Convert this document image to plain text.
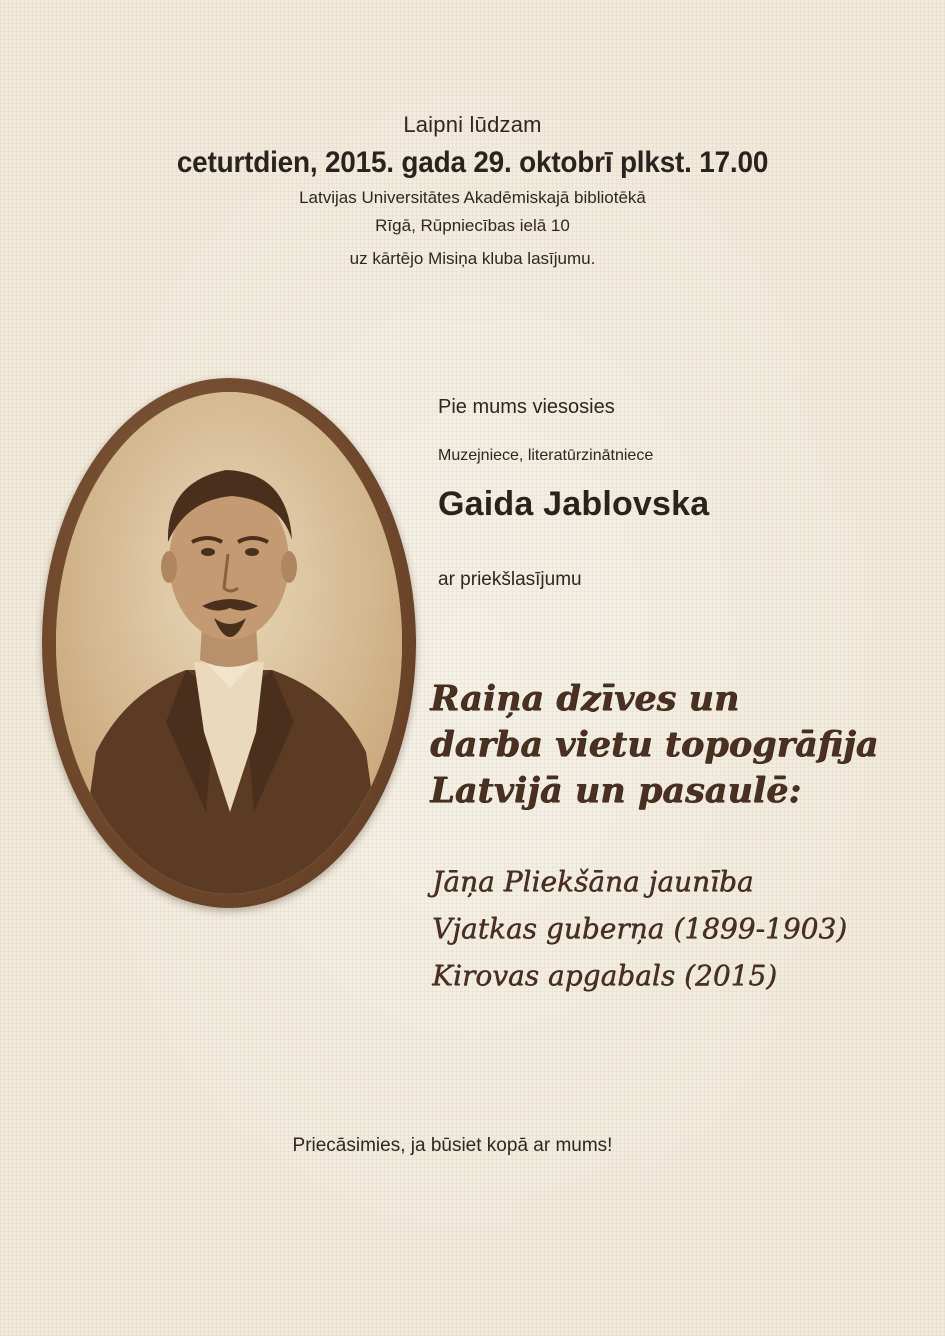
Laipni lūdzam

ceturtdien, 2015. gada 29. oktobrī plkst. 17.00

Latvijas Universitātes Akadēmiskajā bibliotēkā

Rīgā, Rūpniecības ielā 10

uz kārtējo Misiņa kluba lasījumu.

Pie mums viesosies

Muzejniece, literatūrzinātniece

Gaida Jablovska

ar priekšlasījumu

Raiņa dzīves un
darba vietu topogrāfija
Latvijā un pasaulē:
Jāņa Pliekšāna jaunība
Vjatkas guberņa (1899-1903)
Kirovas apgabals (2015)
Priecāsimies, ja būsiet kopā ar mums!
